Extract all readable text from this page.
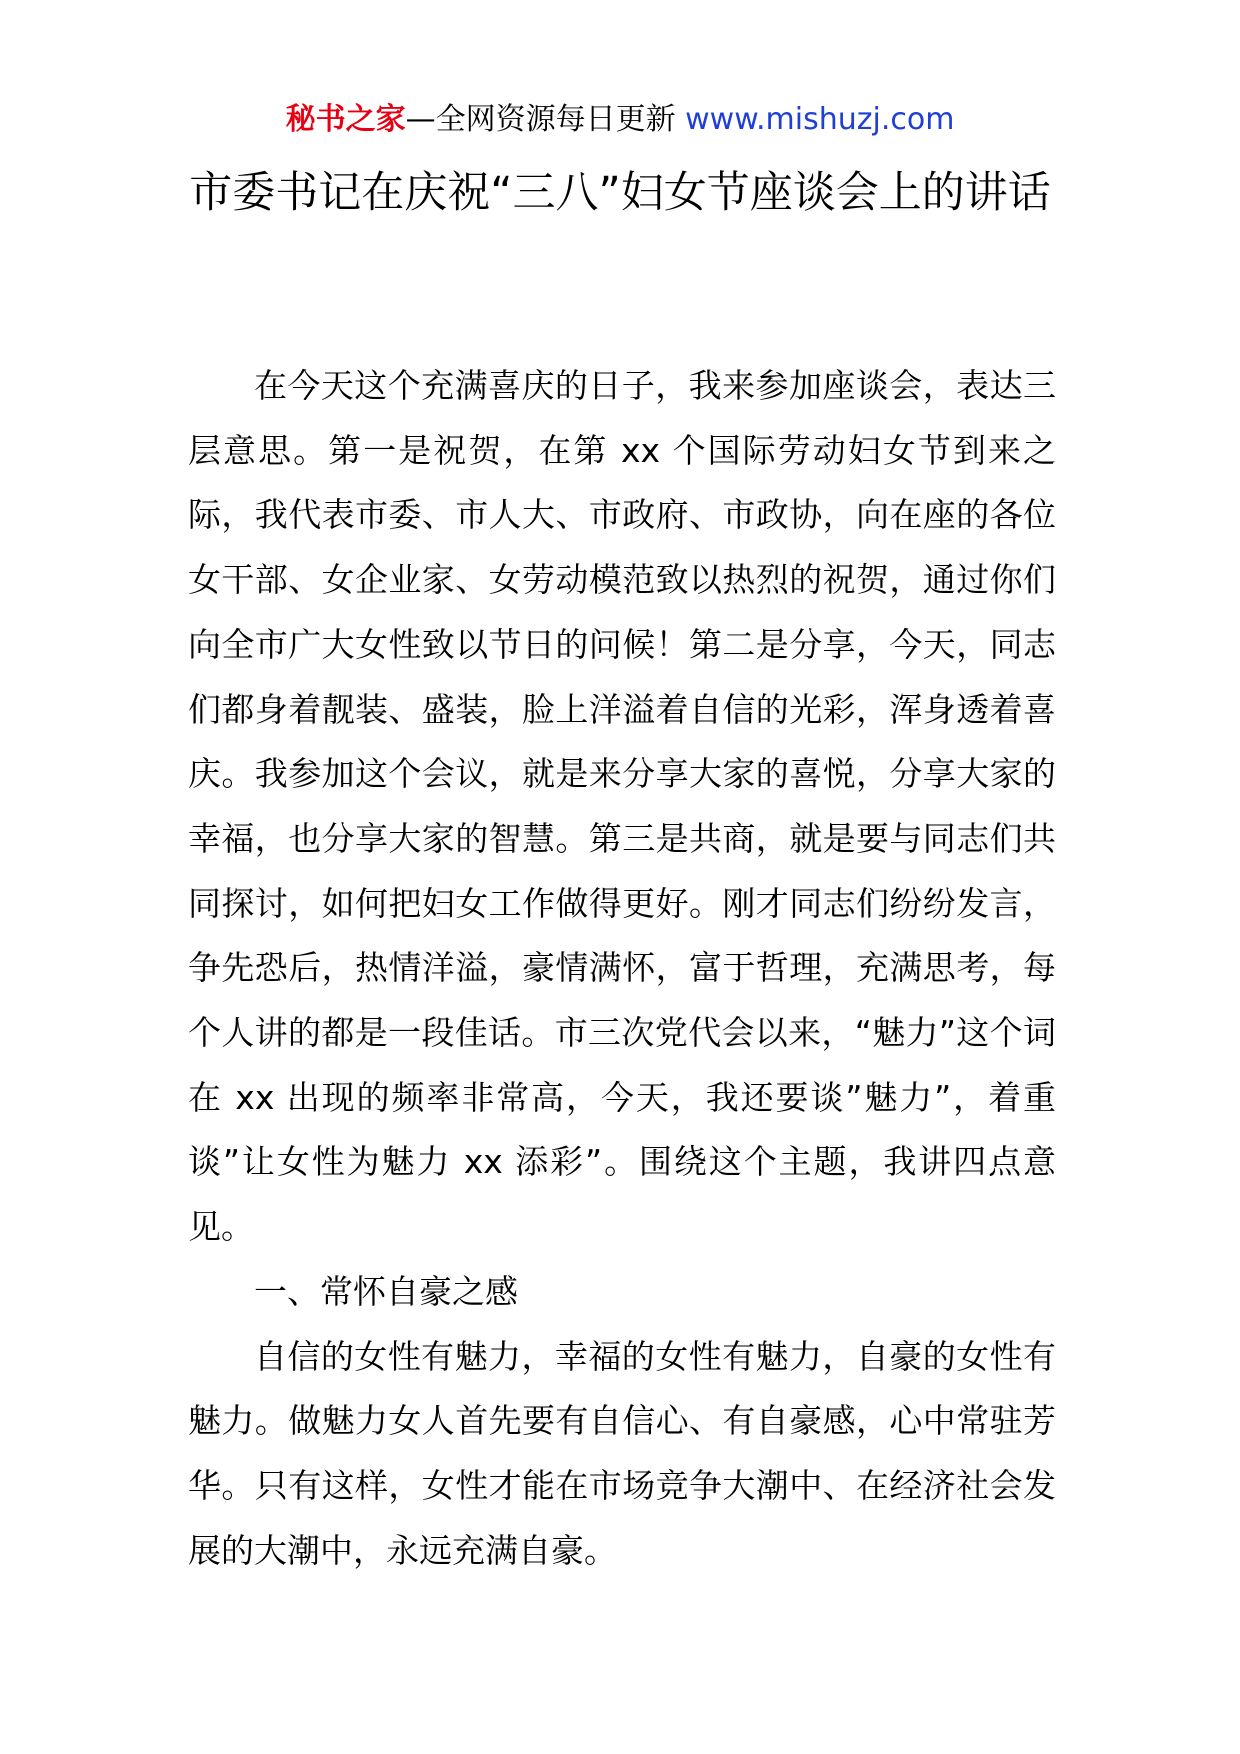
秘书之家—全网资源每日更新 www.mishuzj.com
市委书记在庆祝“三八”妇女节座谈会上的讲话

在今天这个充满喜庆的日子，我来参加座谈会，表达三层意思。第一是祝贺，在第 xx 个国际劳动妇女节到来之际，我代表市委、市人大、市政府、市政协，向在座的各位女干部、女企业家、女劳动模范致以热烈的祝贺，通过你们向全市广大女性致以节日的问候！第二是分享，今天，同志们都身着靓装、盛装，脸上洋溢着自信的光彩，浑身透着喜庆。我参加这个会议，就是来分享大家的喜悦，分享大家的幸福，也分享大家的智慧。第三是共商，就是要与同志们共同探讨，如何把妇女工作做得更好。刚才同志们纷纷发言，争先恐后，热情洋溢，豪情满怀，富于哲理，充满思考，每个人讲的都是一段佳话。市三次党代会以来，“魅力”这个词在 xx 出现的频率非常高，今天，我还要谈”魅力”，着重谈”让女性为魅力 xx 添彩”。围绕这个主题，我讲四点意见。

一、常怀自豪之感

自信的女性有魅力，幸福的女性有魅力，自豪的女性有魅力。做魅力女人首先要有自信心、有自豪感，心中常驻芳华。只有这样，女性才能在市场竞争大潮中、在经济社会发展的大潮中，永远充满自豪。
